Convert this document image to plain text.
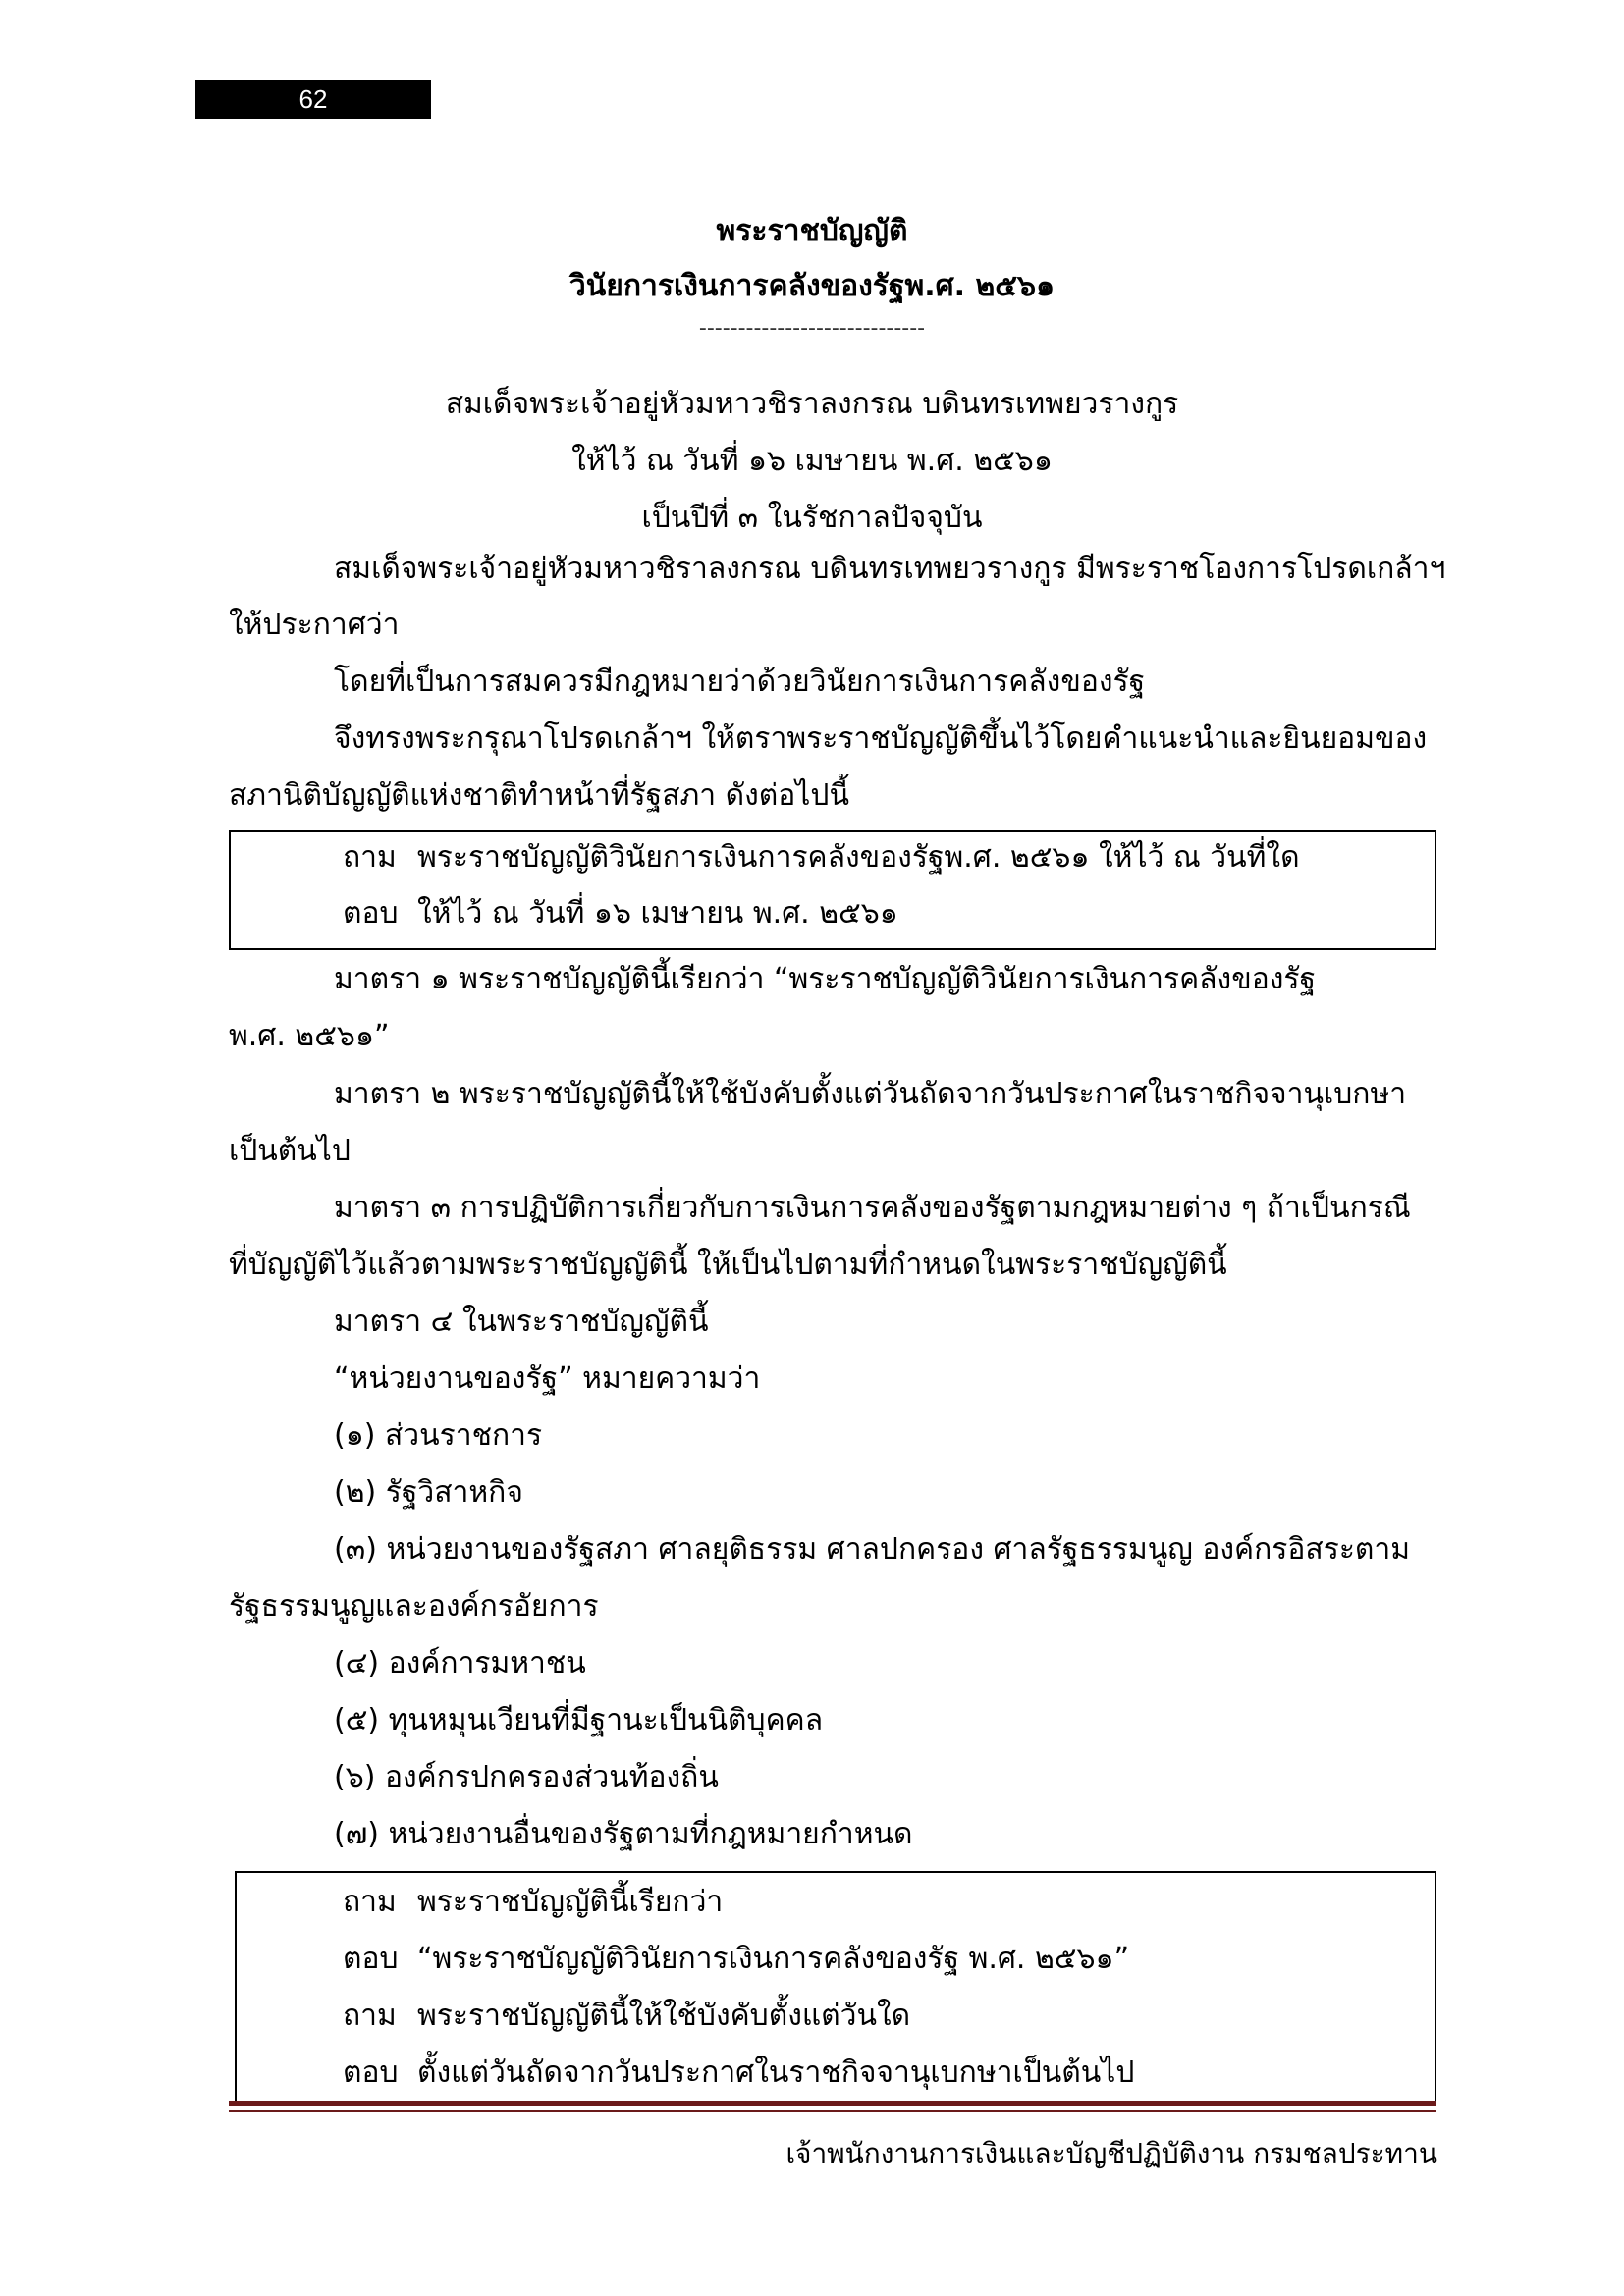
62
พระราชบัญญัติ
วินัยการเงินการคลังของรัฐพ.ศ. ๒๕๖๑
-----------------------------
สมเด็จพระเจ้าอยู่หัวมหาวชิราลงกรณ บดินทรเทพยวรางกูร
ให้ไว้ ณ วันที่ ๑๖ เมษายน พ.ศ. ๒๕๖๑
เป็นปีที่ ๓ ในรัชกาลปัจจุบัน
สมเด็จพระเจ้าอยู่หัวมหาวชิราลงกรณ บดินทรเทพยวรางกูร มีพระราชโองการโปรดเกล้าฯ
ให้ประกาศว่า
โดยที่เป็นการสมควรมีกฎหมายว่าด้วยวินัยการเงินการคลังของรัฐ
จึงทรงพระกรุณาโปรดเกล้าฯ ให้ตราพระราชบัญญัติขึ้นไว้โดยคำแนะนำและยินยอมของ
สภานิติบัญญัติแห่งชาติทำหน้าที่รัฐสภา ดังต่อไปนี้
ถาม พระราชบัญญัติวินัยการเงินการคลังของรัฐพ.ศ. ๒๕๖๑ ให้ไว้ ณ วันที่ใด
ตอบ ให้ไว้ ณ วันที่ ๑๖ เมษายน พ.ศ. ๒๕๖๑
มาตรา ๑ พระราชบัญญัตินี้เรียกว่า “พระราชบัญญัติวินัยการเงินการคลังของรัฐ
พ.ศ. ๒๕๖๑”
มาตรา ๒ พระราชบัญญัตินี้ให้ใช้บังคับตั้งแต่วันถัดจากวันประกาศในราชกิจจานุเบกษา
เป็นต้นไป
มาตรา ๓ การปฏิบัติการเกี่ยวกับการเงินการคลังของรัฐตามกฎหมายต่าง ๆ ถ้าเป็นกรณี
ที่บัญญัติไว้แล้วตามพระราชบัญญัตินี้ ให้เป็นไปตามที่กำหนดในพระราชบัญญัตินี้
มาตรา ๔ ในพระราชบัญญัตินี้
“หน่วยงานของรัฐ” หมายความว่า
(๑) ส่วนราชการ
(๒) รัฐวิสาหกิจ
(๓) หน่วยงานของรัฐสภา ศาลยุติธรรม ศาลปกครอง ศาลรัฐธรรมนูญ องค์กรอิสระตาม
รัฐธรรมนูญและองค์กรอัยการ
(๔) องค์การมหาชน
(๕) ทุนหมุนเวียนที่มีฐานะเป็นนิติบุคคล
(๖) องค์กรปกครองส่วนท้องถิ่น
(๗) หน่วยงานอื่นของรัฐตามที่กฎหมายกำหนด
ถาม พระราชบัญญัตินี้เรียกว่า
ตอบ “พระราชบัญญัติวินัยการเงินการคลังของรัฐ พ.ศ. ๒๕๖๑”
ถาม พระราชบัญญัตินี้ให้ใช้บังคับตั้งแต่วันใด
ตอบ ตั้งแต่วันถัดจากวันประกาศในราชกิจจานุเบกษาเป็นต้นไป
เจ้าพนักงานการเงินและบัญชีปฏิบัติงาน กรมชลประทาน
